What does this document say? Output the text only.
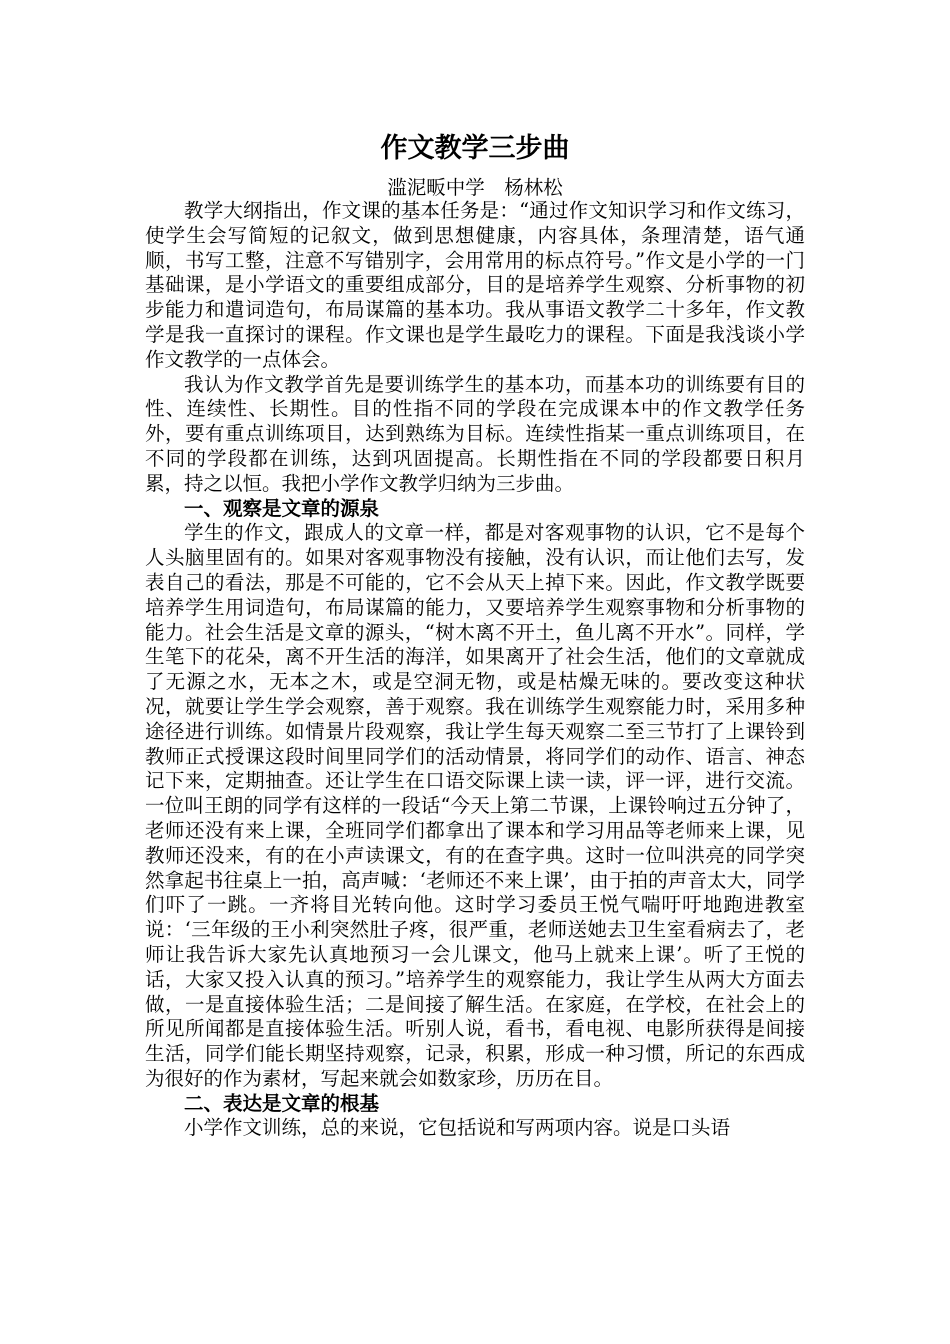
作文教学三步曲
滥泥畈中学　杨林松

教学大纲指出，作文课的基本任务是：“通过作文知识学习和作文练习，使学生会写简短的记叙文，做到思想健康，内容具体，条理清楚，语气通顺，书写工整，注意不写错别字，会用常用的标点符号。”作文是小学的一门基础课，是小学语文的重要组成部分，目的是培养学生观察、分析事物的初步能力和遣词造句，布局谋篇的基本功。我从事语文教学二十多年，作文教学是我一直探讨的课程。作文课也是学生最吃力的课程。下面是我浅谈小学作文教学的一点体会。

我认为作文教学首先是要训练学生的基本功，而基本功的训练要有目的性、连续性、长期性。目的性指不同的学段在完成课本中的作文教学任务外，要有重点训练项目，达到熟练为目标。连续性指某一重点训练项目，在不同的学段都在训练，达到巩固提高。长期性指在不同的学段都要日积月累，持之以恒。我把小学作文教学归纳为三步曲。

一、观察是文章的源泉

学生的作文，跟成人的文章一样，都是对客观事物的认识，它不是每个人头脑里固有的。如果对客观事物没有接触，没有认识，而让他们去写，发表自己的看法，那是不可能的，它不会从天上掉下来。因此，作文教学既要培养学生用词造句，布局谋篇的能力，又要培养学生观察事物和分析事物的能力。社会生活是文章的源头，“树木离不开土，鱼儿离不开水”。同样，学生笔下的花朵，离不开生活的海洋，如果离开了社会生活，他们的文章就成了无源之水，无本之木，或是空洞无物，或是枯燥无味的。要改变这种状况，就要让学生学会观察，善于观察。我在训练学生观察能力时，采用多种途径进行训练。如情景片段观察，我让学生每天观察二至三节打了上课铃到教师正式授课这段时间里同学们的活动情景，将同学们的动作、语言、神态记下来，定期抽查。还让学生在口语交际课上读一读，评一评，进行交流。一位叫王朗的同学有这样的一段话“今天上第二节课，上课铃响过五分钟了，老师还没有来上课，全班同学们都拿出了课本和学习用品等老师来上课，见教师还没来，有的在小声读课文，有的在查字典。这时一位叫洪亮的同学突然拿起书往桌上一拍，高声喊：‘老师还不来上课’，由于拍的声音太大，同学们吓了一跳。一齐将目光转向他。这时学习委员王悦气喘吁吁地跑进教室说：‘三年级的王小利突然肚子疼，很严重，老师送她去卫生室看病去了，老师让我告诉大家先认真地预习一会儿课文，他马上就来上课’。听了王悦的话，大家又投入认真的预习。”培养学生的观察能力，我让学生从两大方面去做，一是直接体验生活；二是间接了解生活。在家庭，在学校，在社会上的所见所闻都是直接体验生活。听别人说，看书，看电视、电影所获得是间接生活，同学们能长期坚持观察，记录，积累，形成一种习惯，所记的东西成为很好的作为素材，写起来就会如数家珍，历历在目。

二、表达是文章的根基

小学作文训练，总的来说，它包括说和写两项内容。说是口头语
